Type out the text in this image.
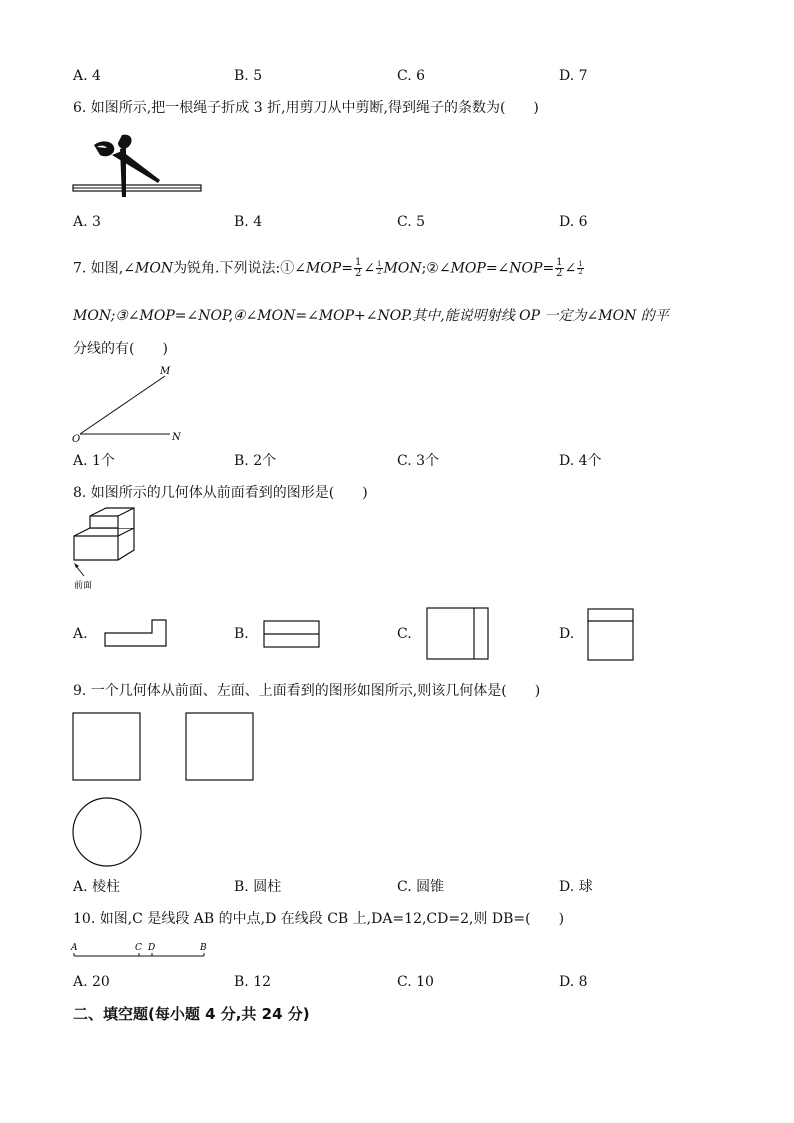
A. 4	B. 5	C. 6	D. 7
6. 如图所示,把一根绳子折成 3 折,用剪刀从中剪断,得到绳子的条数为(　　)
A. 3	B. 4	C. 5	D. 6
7. 如图,∠MON为锐角.下列说法:①∠MOP= $\frac{1}{2}$ ∠ $\frac{1}{2}$ MON;②∠MOP=∠NOP= $\frac{1}{2}$ ∠ $\frac{1}{2}$
MON;③∠MOP=∠NOP,④∠MON=∠MOP+∠NOP.其中,能说明射线 OP 一定为∠MON 的平
分线的有(　　)
O
M
N
A. 1个	B. 2个	C. 3个	D. 4个
8. 如图所示的几何体从前面看到的图形是(　　)
前面
A.	B.	C.	D.
9. 一个几何体从前面、左面、上面看到的图形如图所示,则该几何体是(　　)
A. 棱柱	B. 圆柱	C. 圆锥	D. 球
10. 如图,C 是线段 AB 的中点,D 在线段 CB 上,DA=12,CD=2,则 DB=(　　)
A	C D	B
A. 20	B. 12	C. 10	D. 8
二、填空题(每小题 4 分,共 24 分)
